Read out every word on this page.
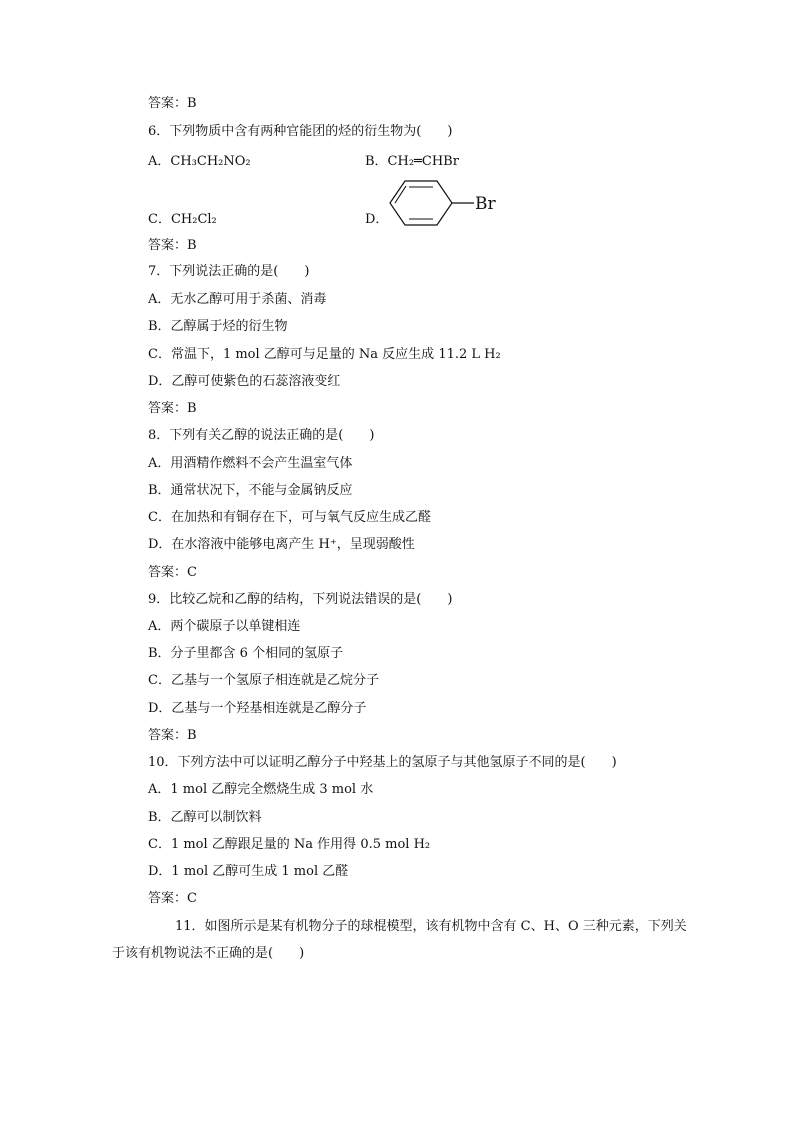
答案：B
6．下列物质中含有两种官能团的烃的衍生物为(　　)
A．CH₃CH₂NO₂	B．CH₂═CHBr
C．CH₂Cl₂	D．
Br
答案：B
7．下列说法正确的是(　　)
A．无水乙醇可用于杀菌、消毒
B．乙醇属于烃的衍生物
C．常温下，1 mol 乙醇可与足量的 Na 反应生成 11.2 L H₂
D．乙醇可使紫色的石蕊溶液变红
答案：B
8．下列有关乙醇的说法正确的是(　　)
A．用酒精作燃料不会产生温室气体
B．通常状况下，不能与金属钠反应
C．在加热和有铜存在下，可与氧气反应生成乙醛
D．在水溶液中能够电离产生 H⁺，呈现弱酸性
答案：C
9．比较乙烷和乙醇的结构，下列说法错误的是(　　)
A．两个碳原子以单键相连
B．分子里都含 6 个相同的氢原子
C．乙基与一个氢原子相连就是乙烷分子
D．乙基与一个羟基相连就是乙醇分子
答案：B
10．下列方法中可以证明乙醇分子中羟基上的氢原子与其他氢原子不同的是(　　)
A．1 mol 乙醇完全燃烧生成 3 mol 水
B．乙醇可以制饮料
C．1 mol 乙醇跟足量的 Na 作用得 0.5 mol H₂
D．1 mol 乙醇可生成 1 mol 乙醛
答案：C
11．如图所示是某有机物分子的球棍模型，该有机物中含有 C、H、O 三种元素，下列关
于该有机物说法不正确的是(　　)
